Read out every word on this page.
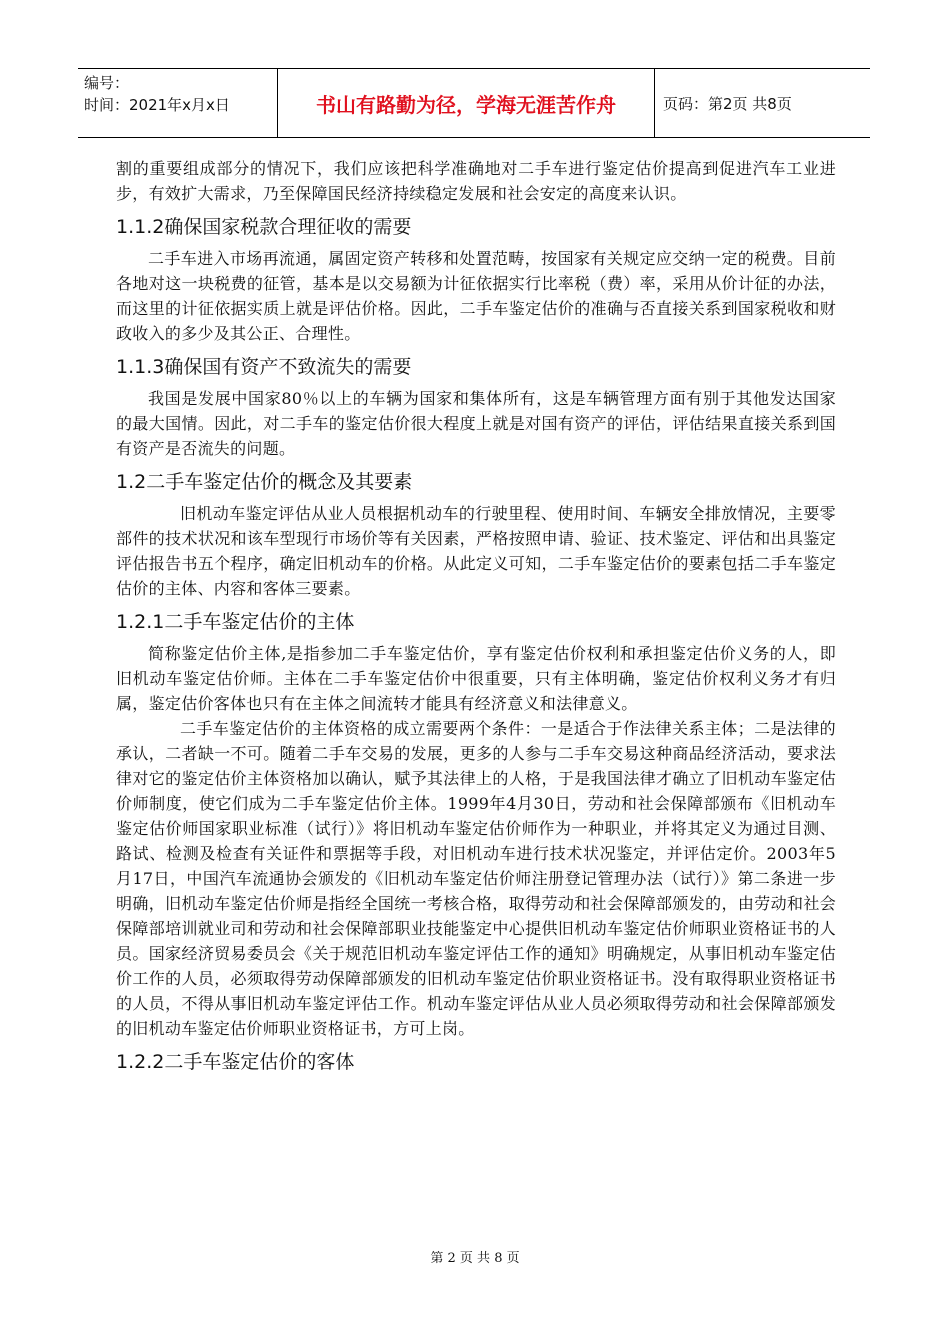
编号：
时间：2021年x月x日	书山有路勤为径，学海无涯苦作舟	页码：第2页 共8页

割的重要组成部分的情况下，我们应该把科学准确地对二手车进行鉴定估价提高到促进汽车工业进步，有效扩大需求，乃至保障国民经济持续稳定发展和社会安定的高度来认识。

1.1.2确保国家税款合理征收的需要

二手车进入市场再流通，属固定资产转移和处置范畴，按国家有关规定应交纳一定的税费。目前各地对这一块税费的征管，基本是以交易额为计征依据实行比率税（费）率，采用从价计征的办法，而这里的计征依据实质上就是评估价格。因此，二手车鉴定估价的准确与否直接关系到国家税收和财政收入的多少及其公正、合理性。

1.1.3确保国有资产不致流失的需要

我国是发展中国家80％以上的车辆为国家和集体所有，这是车辆管理方面有别于其他发达国家的最大国情。因此，对二手车的鉴定估价很大程度上就是对国有资产的评估，评估结果直接关系到国有资产是否流失的问题。

1.2二手车鉴定估价的概念及其要素

旧机动车鉴定评估从业人员根据机动车的行驶里程、使用时间、车辆安全排放情况，主要零部件的技术状况和该车型现行市场价等有关因素，严格按照申请、验证、技术鉴定、评估和出具鉴定评估报告书五个程序，确定旧机动车的价格。从此定义可知，二手车鉴定估价的要素包括二手车鉴定估价的主体、内容和客体三要素。

1.2.1二手车鉴定估价的主体

简称鉴定估价主体,是指参加二手车鉴定估价，享有鉴定估价权利和承担鉴定估价义务的人，即旧机动车鉴定估价师。主体在二手车鉴定估价中很重要，只有主体明确，鉴定估价权利义务才有归属，鉴定估价客体也只有在主体之间流转才能具有经济意义和法律意义。

二手车鉴定估价的主体资格的成立需要两个条件：一是适合于作法律关系主体；二是法律的承认，二者缺一不可。随着二手车交易的发展，更多的人参与二手车交易这种商品经济活动，要求法律对它的鉴定估价主体资格加以确认，赋予其法律上的人格，于是我国法律才确立了旧机动车鉴定估价师制度，使它们成为二手车鉴定估价主体。1999年4月30日，劳动和社会保障部颁布《旧机动车鉴定估价师国家职业标准（试行）》将旧机动车鉴定估价师作为一种职业，并将其定义为通过目测、路试、检测及检查有关证件和票据等手段，对旧机动车进行技术状况鉴定，并评估定价。2003年5月17日，中国汽车流通协会颁发的《旧机动车鉴定估价师注册登记管理办法（试行）》第二条进一步明确，旧机动车鉴定估价师是指经全国统一考核合格，取得劳动和社会保障部颁发的，由劳动和社会保障部培训就业司和劳动和社会保障部职业技能鉴定中心提供旧机动车鉴定估价师职业资格证书的人员。国家经济贸易委员会《关于规范旧机动车鉴定评估工作的通知》明确规定，从事旧机动车鉴定估价工作的人员，必须取得劳动保障部颁发的旧机动车鉴定估价职业资格证书。没有取得职业资格证书的人员，不得从事旧机动车鉴定评估工作。机动车鉴定评估从业人员必须取得劳动和社会保障部颁发的旧机动车鉴定估价师职业资格证书，方可上岗。

1.2.2二手车鉴定估价的客体
第 2 页 共 8 页
